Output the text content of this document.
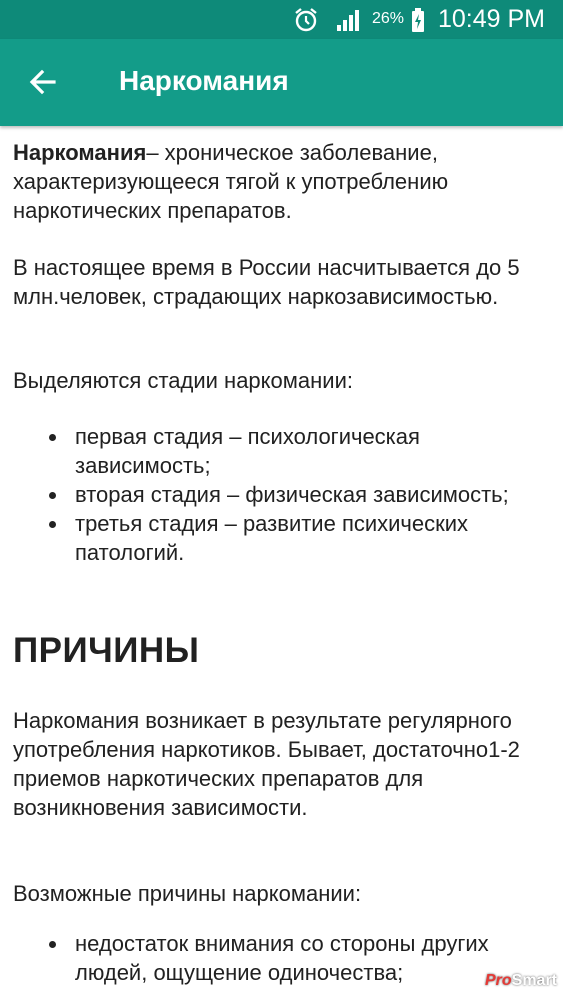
26% 10:49 PM
Наркомания

Наркомания– хроническое заболевание, характеризующееся тягой к употреблению наркотических препаратов.

В настоящее время в России насчитывается до 5 млн.человек, страдающих наркозависимостью.

Выделяются стадии наркомании:

первая стадия – психологическая зависимость;
вторая стадия – физическая зависимость;
третья стадия – развитие психических патологий.
ПРИЧИНЫ

Наркомания возникает в результате регулярного употребления наркотиков. Бывает, достаточно1-2 приемов наркотических препаратов для возникновения зависимости.

Возможные причины наркомании:

недостаток внимания со стороны других людей, ощущение одиночества;	ProSmart
